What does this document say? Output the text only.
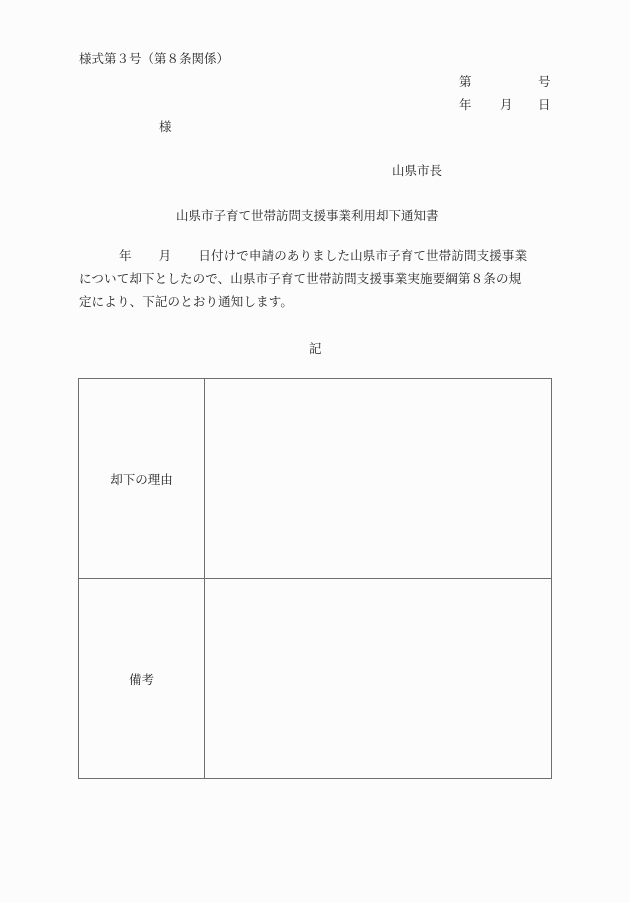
様式第３号（第８条関係）
第	号
年 月 日
様
山県市長
山県市子育て世帯訪問支援事業利用却下通知書
年 月 日付けで申請のありました山県市子育て世帯訪問支援事業
について却下としたので、山県市子育て世帯訪問支援事業実施要綱第８条の規
定により、下記のとおり通知します。
記
却下の理由	
備考	
